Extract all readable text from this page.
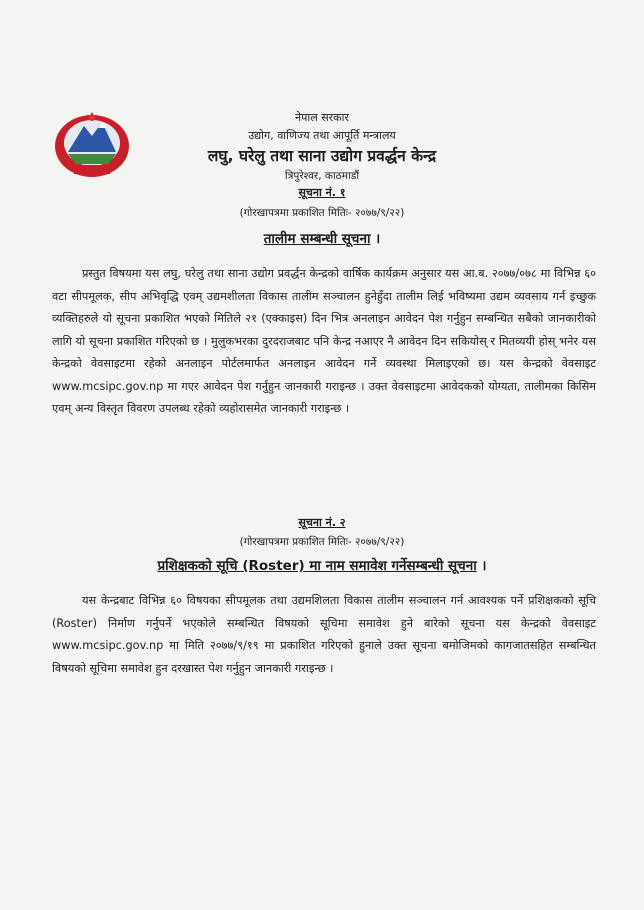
नेपाल सरकार
उद्योग, वाणिज्य तथा आपूर्ति मन्त्रालय
लघु, घरेलु तथा साना उद्योग प्रवर्द्धन केन्द्र
त्रिपुरेश्वर, काठमाडौं
सूचना नं. १
(गोरखापत्रमा प्रकाशित मितिः- २०७७/९/२२)
तालीम सम्बन्धी सूचना ।
प्रस्तुत विषयमा यस लघु, घरेलु तथा साना उद्योग प्रवर्द्धन केन्द्रको वार्षिक कार्यक्रम अनुसार यस आ.ब. २०७७/०७८ मा विभिन्न ६० वटा सीपमूलक, सीप अभिवृद्धि एवम् उद्यमशीलता विकास तालीम सञ्चालन हुनेहुँदा तालीम लिई भविष्यमा उद्यम व्यवसाय गर्न इच्छुक व्यक्तिहरुले यो सूचना प्रकाशित भएको मितिले २१ (एक्काइस) दिन भित्र अनलाइन आवेदन पेश गर्नुहुन सम्बन्धित सबैको जानकारीको लागि यो सूचना प्रकाशित गरिएको छ । मुलुकभरका दुरदराजबाट पनि केन्द्र नआएर नै आवेदन दिन सकियोस् र मितव्ययी होस् भनेर यस केन्द्रको वेवसाइटमा रहेको अनलाइन पोर्टलमार्फत अनलाइन आवेदन गर्ने व्यवस्था मिलाइएको छ। यस केन्द्रको वेवसाइट www.mcsipc.gov.np मा गएर आवेदन पेश गर्नुहुन जानकारी गराइन्छ । उक्त वेवसाइटमा आवेदकको योग्यता, तालीमका किसिम एवम् अन्य विस्तृत विवरण उपलब्ध रहेको व्यहोरासमेत जानकारी गराइन्छ ।
सूचना नं. २
(गोरखापत्रमा प्रकाशित मितिः- २०७७/९/२२)
प्रशिक्षकको सूचि (Roster) मा नाम समावेश गर्नेसम्बन्धी सूचना ।
यस केन्द्रबाट विभिन्न ६० विषयका सीपमूलक तथा उद्यमशिलता विकास तालीम सञ्चालन गर्न आवश्यक पर्ने प्रशिक्षकको सूचि (Roster) निर्माण गर्नुपर्ने भएकोले सम्बन्धित विषयको सूचिमा समावेश हुने बारेको सूचना यस केन्द्रको वेवसाइट www.mcsipc.gov.np मा मिति २०७७/९/१९ मा प्रकाशित गरिएको हुनाले उक्त सूचना बमोजिमको कागजातसहित सम्बन्धित विषयको सूचिमा समावेश हुन दरखास्त पेश गर्नुहुन जानकारी गराइन्छ ।
